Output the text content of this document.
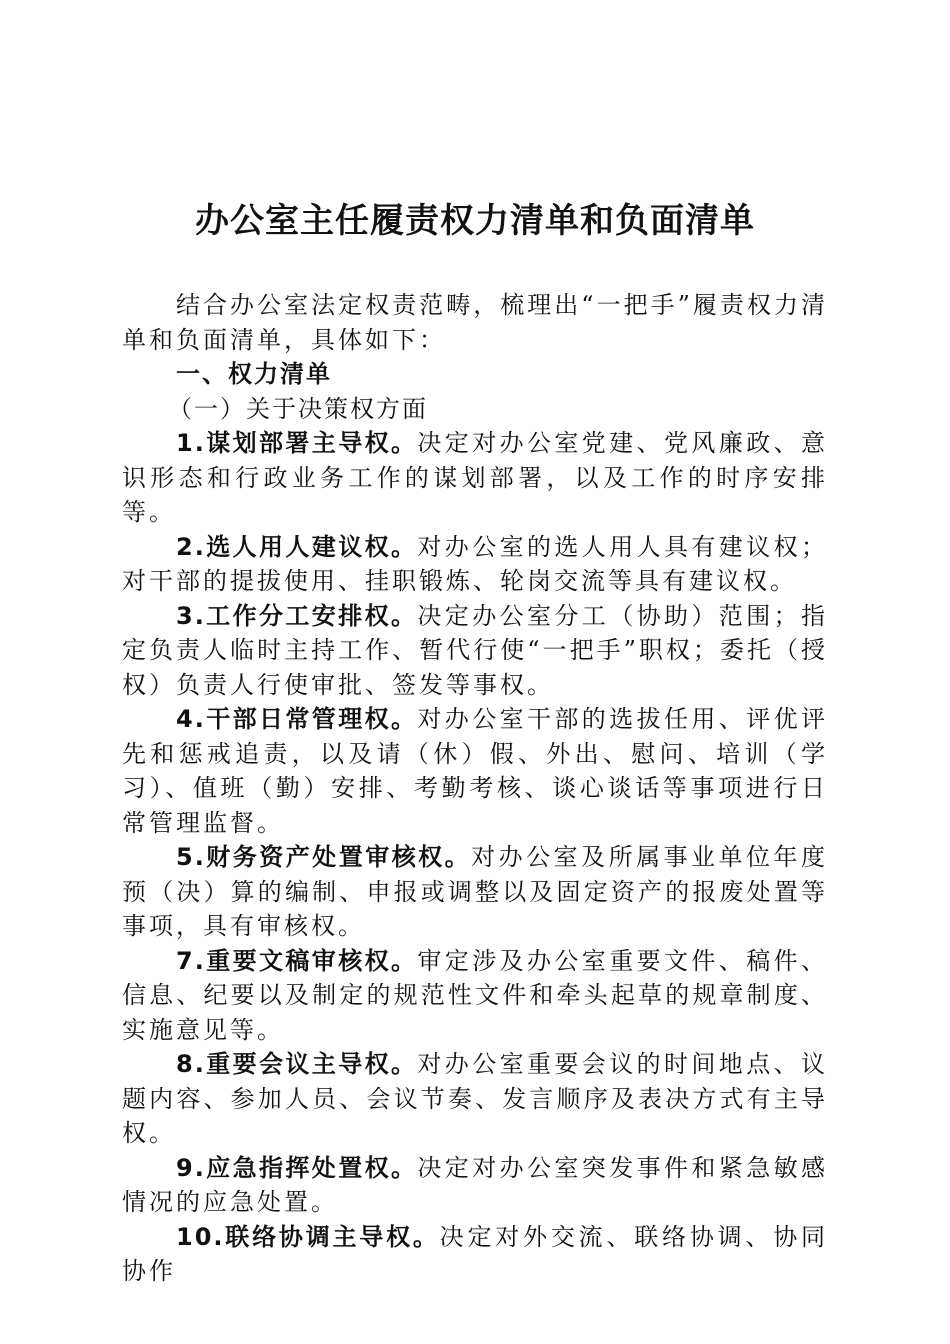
办公室主任履责权力清单和负面清单

结合办公室法定权责范畴，梳理出“一把手”履责权力清单和负面清单，具体如下：

一、权力清单

（一）关于决策权方面

1.谋划部署主导权。决定对办公室党建、党风廉政、意识形态和行政业务工作的谋划部署，以及工作的时序安排等。

2.选人用人建议权。对办公室的选人用人具有建议权；对干部的提拔使用、挂职锻炼、轮岗交流等具有建议权。

3.工作分工安排权。决定办公室分工（协助）范围；指定负责人临时主持工作、暂代行使“一把手”职权；委托（授权）负责人行使审批、签发等事权。

4.干部日常管理权。对办公室干部的选拔任用、评优评先和惩戒追责，以及请（休）假、外出、慰问、培训（学习）、值班（勤）安排、考勤考核、谈心谈话等事项进行日常管理监督。

5.财务资产处置审核权。对办公室及所属事业单位年度预（决）算的编制、申报或调整以及固定资产的报废处置等事项，具有审核权。

7.重要文稿审核权。审定涉及办公室重要文件、稿件、信息、纪要以及制定的规范性文件和牵头起草的规章制度、实施意见等。

8.重要会议主导权。对办公室重要会议的时间地点、议题内容、参加人员、会议节奏、发言顺序及表决方式有主导权。

9.应急指挥处置权。决定对办公室突发事件和紧急敏感情况的应急处置。

10.联络协调主导权。决定对外交流、联络协调、协同协作
